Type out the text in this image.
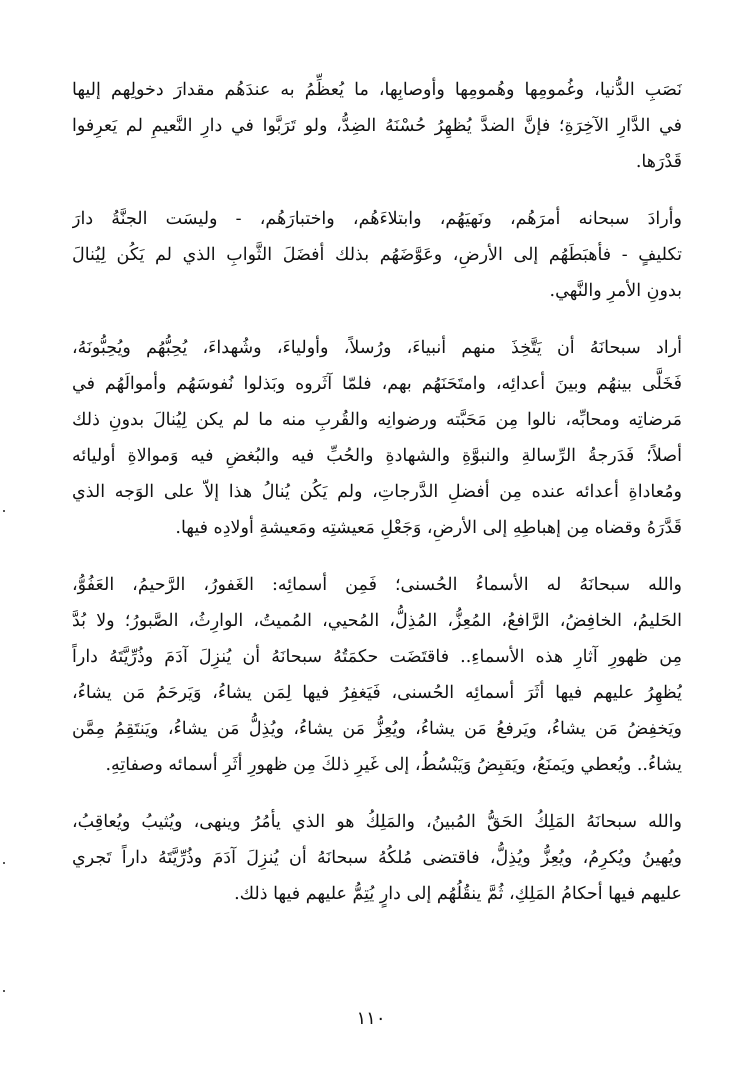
نَصَبِ الدُّنيا، وغُمومِها وهُمومِها وأوصابِها، ما يُعظِّمُ به عندَهُم مقدارَ دخولِهم إليها
في الدَّارِ الآخِرَةِ؛ فإنَّ الضدَّ يُظهِرُ حُسْنَهُ الضِدُّ، ولو تَرَبَّوا في دارِ النَّعيمِ لم يَعرِفوا
قَدْرَها.
وأرادَ سبحانه أمرَهُم، ونَهيَهُم، وابتلاءَهُم، واختبارَهُم، - وليسَت الجنَّةُ دارَ
تكليفٍ - فأهبَطَهُم إلى الأرضِ، وعَوَّضَهُم بذلك أفضَلَ الثَّوابِ الذي لم يَكُن لِيُنالَ
بدونِ الأمرِ والنَّهي.
أراد سبحانَهُ أن يَتَّخِذَ منهم أنبياءَ، ورُسلاً، وأولياءَ، وشُهداءَ، يُحِبُّهُم ويُحِبُّونَهُ،
فَخَلَّى بينهُم وبينَ أعدائِه، وامتَحَنَهُم بهم، فلمّا آثَروه وبَذلوا نُفوسَهُم وأموالَهُم في
مَرضاتِه ومحابِّه، نالوا مِن مَحَبَّته ورضوانِه والقُربِ منه ما لم يكن لِيُنالَ بدونِ ذلك
أصلاً؛ فَدَرجةُ الرِّسالةِ والنبوَّةِ والشهادةِ والحُبِّ فيه والبُغضِ فيه وَموالاةِ أوليائه
ومُعاداةِ أعدائه عنده مِن أفضلِ الدَّرجاتِ، ولم يَكُن يُنالُ هذا إلاّ على الوَجه الذي
قَدَّرَهُ وقضاه مِن إهباطِهِ إلى الأرضِ، وَجَعْلِ مَعيشتِه ومَعيشةِ أولادِه فيها.
والله سبحانَهُ له الأسماءُ الحُسنى؛ فَمِن أسمائِه: الغَفورُ، الرَّحيمُ، العَفُوُّ،
الحَليمُ، الخافِضُ، الرَّافعُ، المُعِزُّ، المُذِلُّ، المُحيي، المُميتُ، الوارِثُ، الصَّبورُ؛ ولا بُدَّ
مِن ظهورِ آثارِ هذه الأسماءِ.. فاقتَضَت حكمَتُهُ سبحانَهُ أن يُنزِلَ آدَمَ وذُرِّيَّتَهُ داراً
يُظهِرُ عليهم فيها أثَرَ أسمائِه الحُسنى، فَيَغفِرُ فيها لِمَن يشاءُ، وَيَرحَمُ مَن يشاءُ،
ويَخفِضُ مَن يشاءُ، ويَرفعُ مَن يشاءُ، ويُعِزُّ مَن يشاءُ، ويُذِلُّ مَن يشاءُ، ويَنتَقِمُ مِمَّن
يشاءُ.. ويُعطي ويَمنَعُ، ويَقبِضُ وَيَبْسُطُ، إلى غَيرِ ذلكَ مِن ظهورِ أثَرِ أسمائه وصفاتِهِ.
والله سبحانَهُ المَلِكُ الحَقُّ المُبينُ، والمَلِكُ هو الذي يأمُرُ وينهى، ويُثيبُ ويُعاقِبُ،
ويُهينُ ويُكرِمُ، ويُعِزُّ ويُذِلُّ، فاقتضى مُلكُهُ سبحانَهُ أن يُنزِلَ آدَمَ وذُرِّيَّتَهُ داراً تَجري
عليهم فيها أحكامُ المَلِكِ، ثُمَّ ينقُلُهُم إلى دارٍ يُتِمُّ عليهم فيها ذلك.
١١٠
